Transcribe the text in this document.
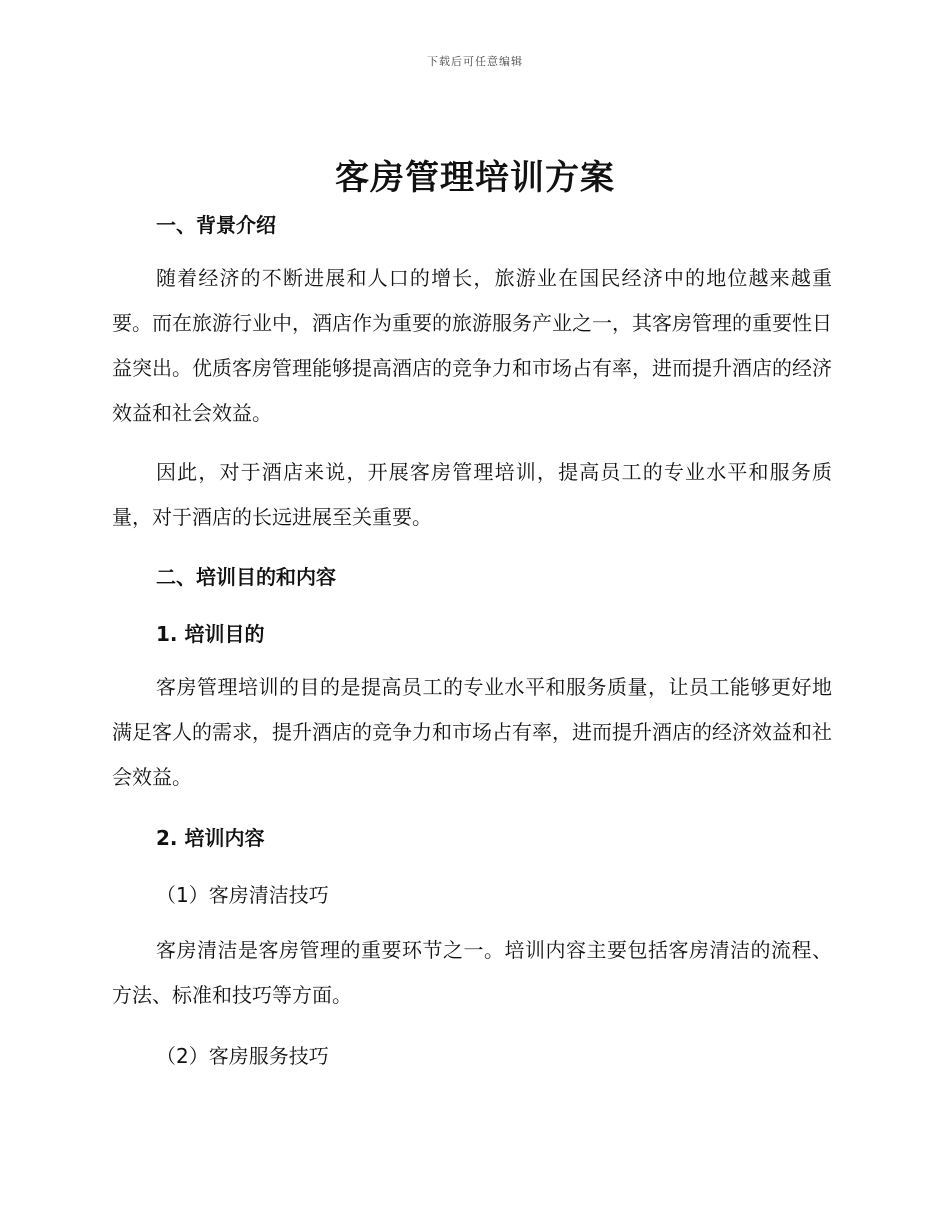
下载后可任意编辑
客房管理培训方案
一、背景介绍

随着经济的不断进展和人口的增长，旅游业在国民经济中的地位越来越重要。而在旅游行业中，酒店作为重要的旅游服务产业之一，其客房管理的重要性日益突出。优质客房管理能够提高酒店的竞争力和市场占有率，进而提升酒店的经济效益和社会效益。

因此，对于酒店来说，开展客房管理培训，提高员工的专业水平和服务质量，对于酒店的长远进展至关重要。

二、培训目的和内容
1. 培训目的

客房管理培训的目的是提高员工的专业水平和服务质量，让员工能够更好地满足客人的需求，提升酒店的竞争力和市场占有率，进而提升酒店的经济效益和社会效益。

2. 培训内容
（1）客房清洁技巧

客房清洁是客房管理的重要环节之一。培训内容主要包括客房清洁的流程、方法、标准和技巧等方面。

（2）客房服务技巧
